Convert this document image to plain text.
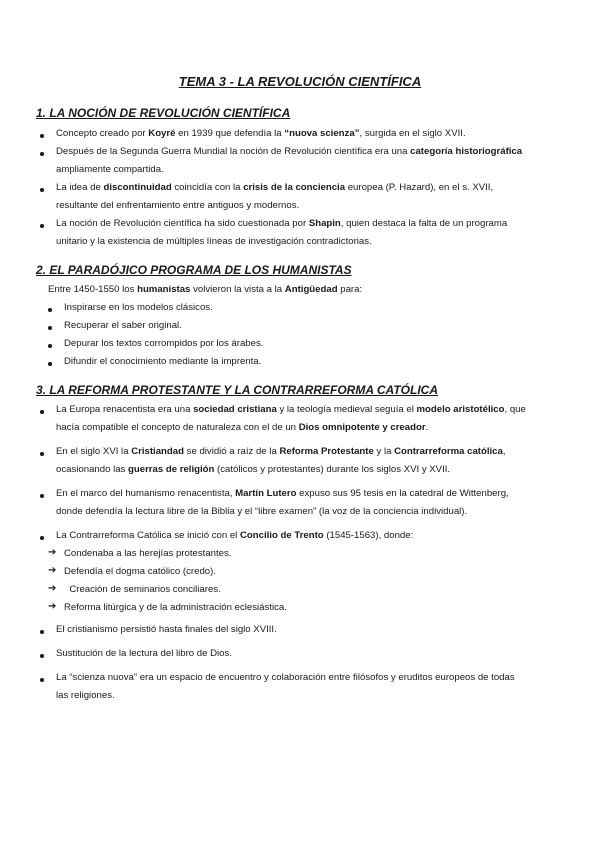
TEMA 3 - LA REVOLUCIÓN CIENTÍFICA
1. LA NOCIÓN DE REVOLUCIÓN CIENTÍFICA
Concepto creado por Koyré en 1939 que defendía la “nuova scienza”, surgida en el siglo XVII.
Después de la Segunda Guerra Mundial la noción de Revolución científica era una categoría historiográfica
ampliamente compartida.
La idea de discontinuidad coincidía con la crisis de la conciencia europea (P. Hazard), en el s. XVII,
resultante del enfrentamiento entre antiguos y modernos.
La noción de Revolución científica ha sido cuestionada por Shapin, quien destaca la falta de un programa
unitario y la existencia de múltiples líneas de investigación contradictorias.
2. EL PARADÓJICO PROGRAMA DE LOS HUMANISTAS
Entre 1450-1550 los humanistas volvieron la vista a la Antigüedad para:
Inspirarse en los modelos clásicos.
Recuperar el saber original.
Depurar los textos corrompidos por los árabes.
Difundir el conocimiento mediante la imprenta.
3. LA REFORMA PROTESTANTE Y LA CONTRARREFORMA CATÓLICA
La Europa renacentista era una sociedad cristiana y la teología medieval seguía el modelo aristotélico, que
hacía compatible el concepto de naturaleza con el de un Dios omnipotente y creador.
En el siglo XVI la Cristiandad se dividió a raíz de la Reforma Protestante y la Contrarreforma católica,
ocasionando las guerras de religión (católicos y protestantes) durante los siglos XVI y XVII.
En el marco del humanismo renacentista, Martín Lutero expuso sus 95 tesis en la catedral de Wittenberg,
donde defendía la lectura libre de la Biblia y el “libre examen” (la voz de la conciencia individual).
La Contrarreforma Católica se inició con el Concilio de Trento (1545-1563), donde:
➔ Condenaba a las herejías protestantes.
➔ Defendía el dogma católico (credo).
➔ Creación de seminarios conciliares.
➔ Reforma litúrgica y de la administración eclesiástica.
El cristianismo persistió hasta finales del siglo XVIII.
Sustitución de la lectura del libro de Dios.
La “scienza nuova” era un espacio de encuentro y colaboración entre filósofos y eruditos europeos de todas
las religiones.
